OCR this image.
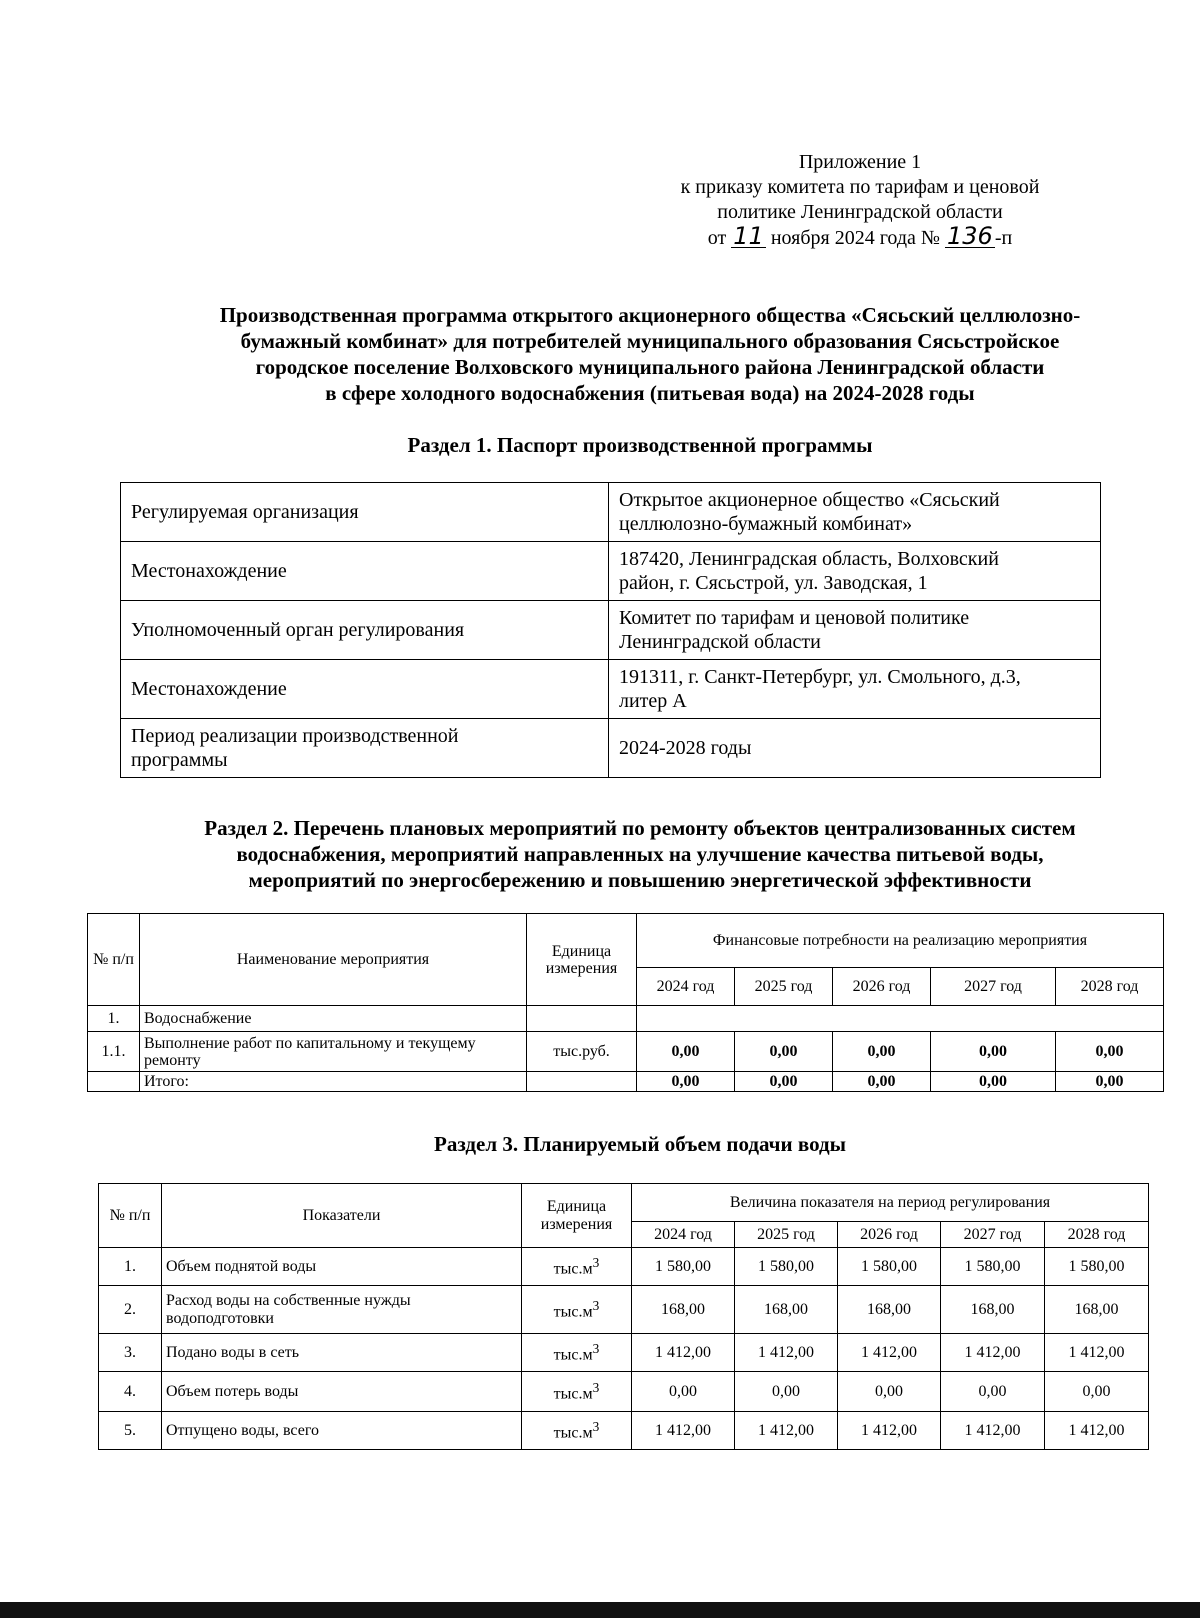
Приложение 1
к приказу комитета по тарифам и ценовой
политике Ленинградской области
от 11 ноября 2024 года № 136 -п
Производственная программа открытого акционерного общества «Сясьский целлюлозно-
бумажный комбинат» для потребителей муниципального образования Сясьстройское
городское поселение Волховского муниципального района Ленинградской области
в сфере холодного водоснабжения (питьевая вода) на 2024-2028 годы
Раздел 1. Паспорт производственной программы
Регулируемая организация	Открытое акционерное общество «Сясьский
целлюлозно-бумажный комбинат»
Местонахождение	187420, Ленинградская область, Волховский
район, г. Сясьстрой, ул. Заводская, 1
Уполномоченный орган регулирования	Комитет по тарифам и ценовой политике
Ленинградской области
Местонахождение	191311, г. Санкт-Петербург, ул. Смольного, д.3,
литер А
Период реализации производственной
программы	2024-2028 годы
Раздел 2. Перечень плановых мероприятий по ремонту объектов централизованных систем
водоснабжения, мероприятий направленных на улучшение качества питьевой воды,
мероприятий по энергосбережению и повышению энергетической эффективности
№ п/п	Наименование мероприятия	Единица измерения	Финансовые потребности на реализацию мероприятия				
			2024 год	2025 год	2026 год	2027 год	2028 год
1.	Водоснабжение						
1.1.	Выполнение работ по капитальному и текущему ремонту	тыс.руб.	0,00	0,00	0,00	0,00	0,00
	Итого:		0,00	0,00	0,00	0,00	0,00
Раздел 3. Планируемый объем подачи воды
№ п/п	Показатели	Единица измерения	Величина показателя на период регулирования				
			2024 год	2025 год	2026 год	2027 год	2028 год
1.	Объем поднятой воды	$тыс.м^3$	1 580,00	1 580,00	1 580,00	1 580,00	1 580,00
2.	Расход воды на собственные нужды водоподготовки	$тыс.м^3$	168,00	168,00	168,00	168,00	168,00
3.	Подано воды в сеть	$тыс.м^3$	1 412,00	1 412,00	1 412,00	1 412,00	1 412,00
4.	Объем потерь воды	$тыс.м^3$	0,00	0,00	0,00	0,00	0,00
5.	Отпущено воды, всего	$тыс.м^3$	1 412,00	1 412,00	1 412,00	1 412,00	1 412,00
